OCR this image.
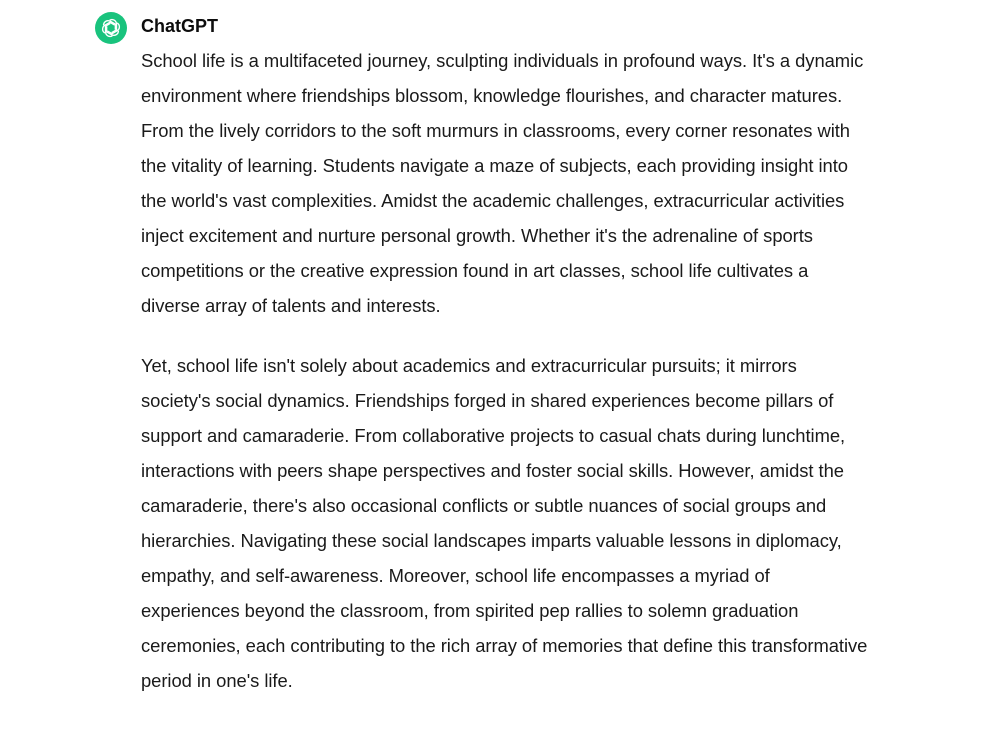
ChatGPT

School life is a multifaceted journey, sculpting individuals in profound ways. It's a dynamic environment where friendships blossom, knowledge flourishes, and character matures. From the lively corridors to the soft murmurs in classrooms, every corner resonates with the vitality of learning. Students navigate a maze of subjects, each providing insight into the world's vast complexities. Amidst the academic challenges, extracurricular activities inject excitement and nurture personal growth. Whether it's the adrenaline of sports competitions or the creative expression found in art classes, school life cultivates a diverse array of talents and interests.

Yet, school life isn't solely about academics and extracurricular pursuits; it mirrors society's social dynamics. Friendships forged in shared experiences become pillars of support and camaraderie. From collaborative projects to casual chats during lunchtime, interactions with peers shape perspectives and foster social skills. However, amidst the camaraderie, there's also occasional conflicts or subtle nuances of social groups and hierarchies. Navigating these social landscapes imparts valuable lessons in diplomacy, empathy, and self-awareness. Moreover, school life encompasses a myriad of experiences beyond the classroom, from spirited pep rallies to solemn graduation ceremonies, each contributing to the rich array of memories that define this transformative period in one's life.
